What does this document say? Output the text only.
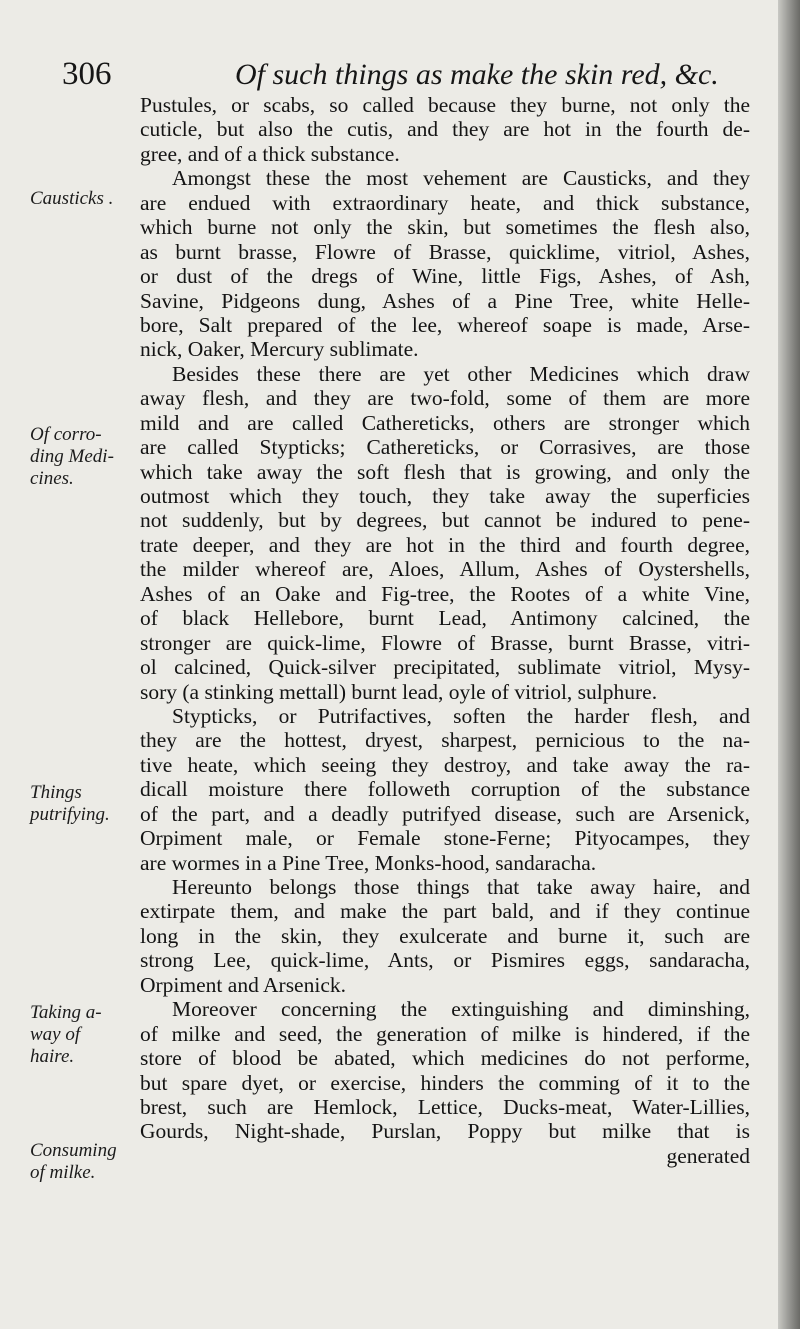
306	Of such things as make the skin red, &c.
Causticks .
Of corro-
ding Medi-
cines.
Things
putrifying.
Taking a-
way of
haire.
Consuming
of milke.
Pustules, or scabs, so called because they burne, not only the
cuticle, but also the cutis, and they are hot in the fourth de-
gree, and of a thick substance.
Amongst these the most vehement are Causticks, and they
are endued with extraordinary heate, and thick substance,
which burne not only the skin, but sometimes the flesh also,
as burnt brasse, Flowre of Brasse, quicklime, vitriol, Ashes,
or dust of the dregs of Wine, little Figs, Ashes, of Ash,
Savine, Pidgeons dung, Ashes of a Pine Tree, white Helle-
bore, Salt prepared of the lee, whereof soape is made, Arse-
nick, Oaker, Mercury sublimate.
Besides these there are yet other Medicines which draw
away flesh, and they are two-fold, some of them are more
mild and are called Cathereticks, others are stronger which
are called Stypticks; Cathereticks, or Corrasives, are those
which take away the soft flesh that is growing, and only the
outmost which they touch, they take away the superficies
not suddenly, but by degrees, but cannot be indured to pene-
trate deeper, and they are hot in the third and fourth degree,
the milder whereof are, Aloes, Allum, Ashes of Oystershells,
Ashes of an Oake and Fig-tree, the Rootes of a white Vine,
of black Hellebore, burnt Lead, Antimony calcined, the
stronger are quick-lime, Flowre of Brasse, burnt Brasse, vitri-
ol calcined, Quick-silver precipitated, sublimate vitriol, Mysy-
sory (a stinking mettall) burnt lead, oyle of vitriol, sulphure.
Stypticks, or Putrifactives, soften the harder flesh, and
they are the hottest, dryest, sharpest, pernicious to the na-
tive heate, which seeing they destroy, and take away the ra-
dicall moisture there followeth corruption of the substance
of the part, and a deadly putrifyed disease, such are Arsenick,
Orpiment male, or Female stone-Ferne; Pityocampes, they
are wormes in a Pine Tree, Monks-hood, sandaracha.
Hereunto belongs those things that take away haire, and
extirpate them, and make the part bald, and if they continue
long in the skin, they exulcerate and burne it, such are
strong Lee, quick-lime, Ants, or Pismires eggs, sandaracha,
Orpiment and Arsenick.
Moreover concerning the extinguishing and diminshing,
of milke and seed, the generation of milke is hindered, if the
store of blood be abated, which medicines do not performe,
but spare dyet, or exercise, hinders the comming of it to the
brest, such are Hemlock, Lettice, Ducks-meat, Water-Lillies,
Gourds, Night-shade, Purslan, Poppy but milke that is
generated
